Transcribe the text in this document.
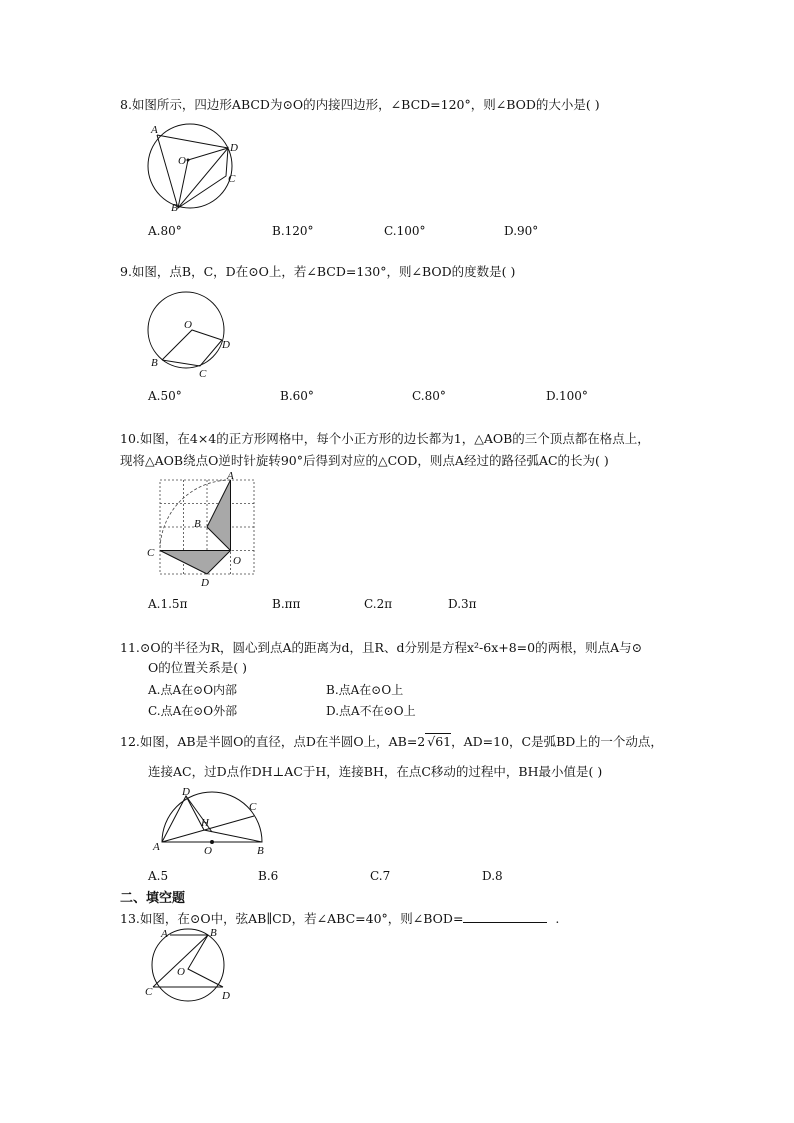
8.如图所示，四边形ABCD为⊙O的内接四边形，∠BCD=120°，则∠BOD的大小是( )
A
O
D
C
B
A.80°	B.120°	C.100°	D.90°
9.如图，点B，C，D在⊙O上，若∠BCD=130°，则∠BOD的度数是( )
O
D
B
C
A.50°	B.60°	C.80°	D.100°
10.如图，在4×4的正方形网格中，每个小正方形的边长都为1，△AOB的三个顶点都在格点上，
现将△AOB绕点O逆时针旋转90°后得到对应的△COD，则点A经过的路径弧AC的长为( )
A
B
C
O
D
A.1.5π	B.ππ	C.2π	D.3π
11.⊙O的半径为R，圆心到点A的距离为d，且R、d分别是方程x²-6x+8=0的两根，则点A与⊙
O的位置关系是( )
A.点A在⊙O内部	B.点A在⊙O上
C.点A在⊙O外部	D.点A不在⊙O上
12.如图，AB是半圆O的直径，点D在半圆O上，AB=2 √61，AD=10，C是弧BD上的一个动点，
连接AC，过D点作DH⊥AC于H，连接BH，在点C移动的过程中，BH最小值是( )
D
C
H
A	O	B
A.5	B.6	C.7	D.8
二、填空题
13.如图，在⊙O中，弦AB∥CD，若∠ABC=40°，则∠BOD=	.
A	B
O
C	D
